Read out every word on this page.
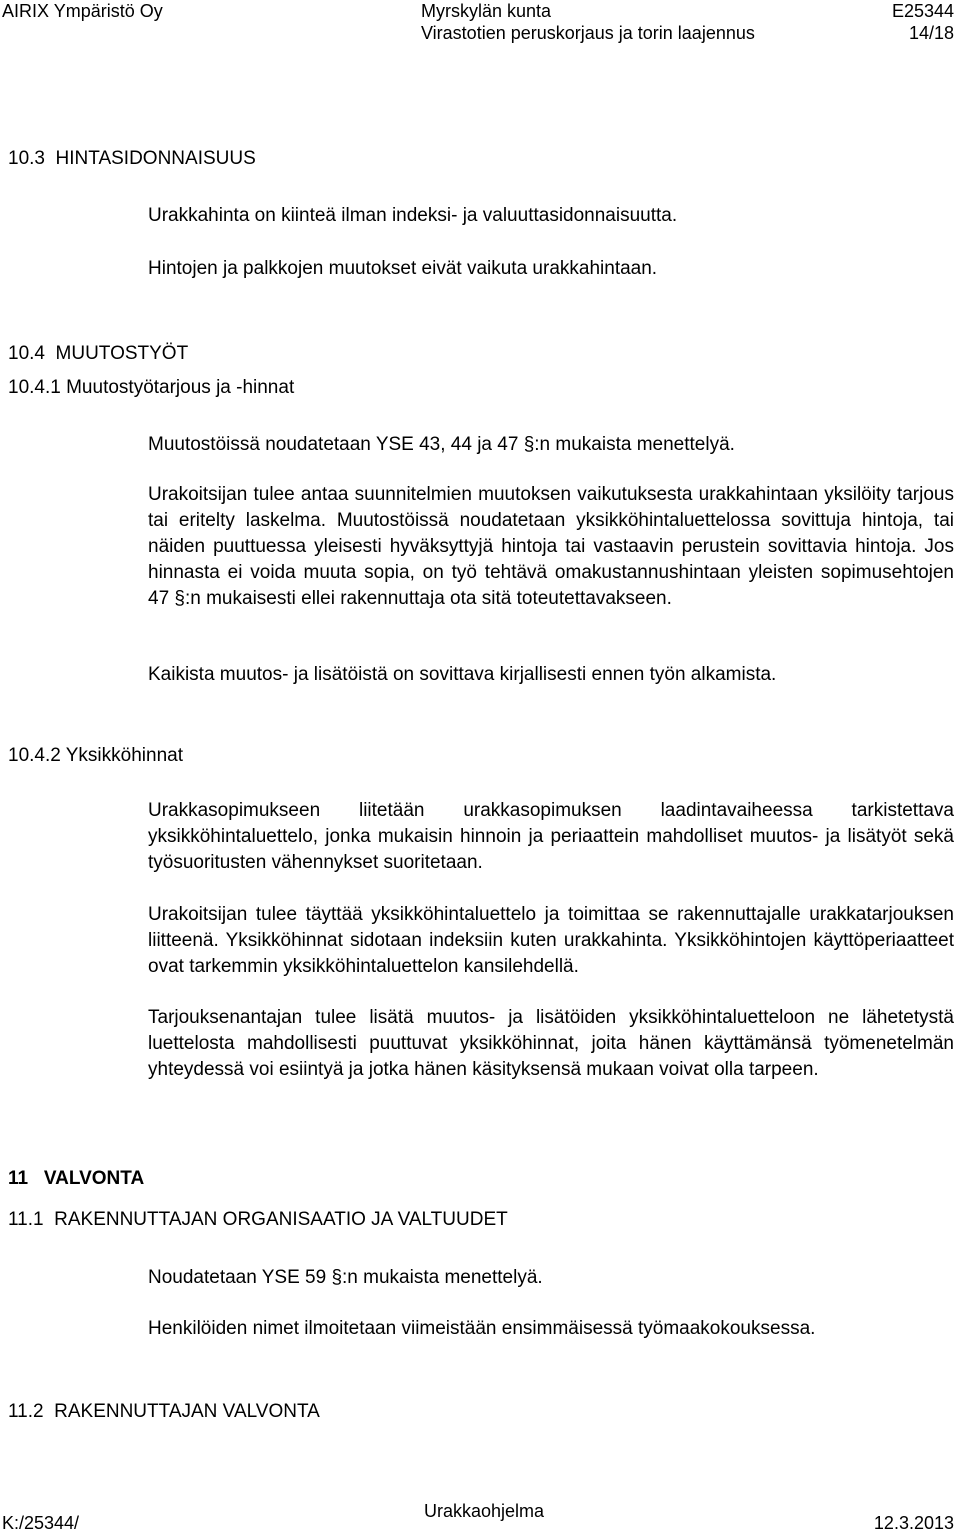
AIRIX Ympäristö Oy	Myrskylän kunta	E25344
Virastotien peruskorjaus ja torin laajennus	14/18
10.3  HINTASIDONNAISUUS
Urakkahinta on kiinteä ilman indeksi- ja valuuttasidonnaisuutta.
Hintojen ja palkkojen muutokset eivät vaikuta urakkahintaan.
10.4  MUUTOSTYÖT
10.4.1 Muutostyötarjous ja -hinnat
Muutostöissä noudatetaan YSE 43, 44 ja 47 §:n mukaista menettelyä.
Urakoitsijan tulee antaa suunnitelmien muutoksen vaikutuksesta urakkahintaan yksilöity tarjous tai eritelty laskelma. Muutostöissä noudatetaan yksikköhintaluettelossa sovittuja hintoja, tai näiden puuttuessa yleisesti hyväksyttyjä hintoja tai vastaavin perustein sovittavia hintoja. Jos hinnasta ei voida muuta sopia, on työ tehtävä omakustannushintaan yleisten sopimusehtojen 47 §:n mukaisesti ellei rakennuttaja ota sitä toteutettavakseen.
Kaikista muutos- ja lisätöistä on sovittava kirjallisesti ennen työn alkamista.
10.4.2 Yksikköhinnat
Urakkasopimukseen liitetään urakkasopimuksen laadintavaiheessa tarkistettava yksikköhintaluettelo, jonka mukaisin hinnoin ja periaattein mahdolliset muutos- ja lisätyöt sekä työsuoritusten vähennykset suoritetaan.
Urakoitsijan tulee täyttää yksikköhintaluettelo ja toimittaa se rakennuttajalle urakkatarjouksen liitteenä. Yksikköhinnat sidotaan indeksiin kuten urakkahinta. Yksikköhintojen käyttöperiaatteet ovat tarkemmin yksikköhintaluettelon kansilehdellä.
Tarjouksenantajan tulee lisätä muutos- ja lisätöiden yksikköhintaluetteloon ne lähetetystä luettelosta mahdollisesti puuttuvat yksikköhinnat, joita hänen käyttämänsä työmenetelmän yhteydessä voi esiintyä ja jotka hänen käsityksensä mukaan voivat olla tarpeen.
11   VALVONTA
11.1  RAKENNUTTAJAN ORGANISAATIO JA VALTUUDET
Noudatetaan YSE 59 §:n mukaista menettelyä.
Henkilöiden nimet ilmoitetaan viimeistään ensimmäisessä työmaakokouksessa.
11.2  RAKENNUTTAJAN VALVONTA
K:/25344/
Urakkaohjelma
12.3.2013
